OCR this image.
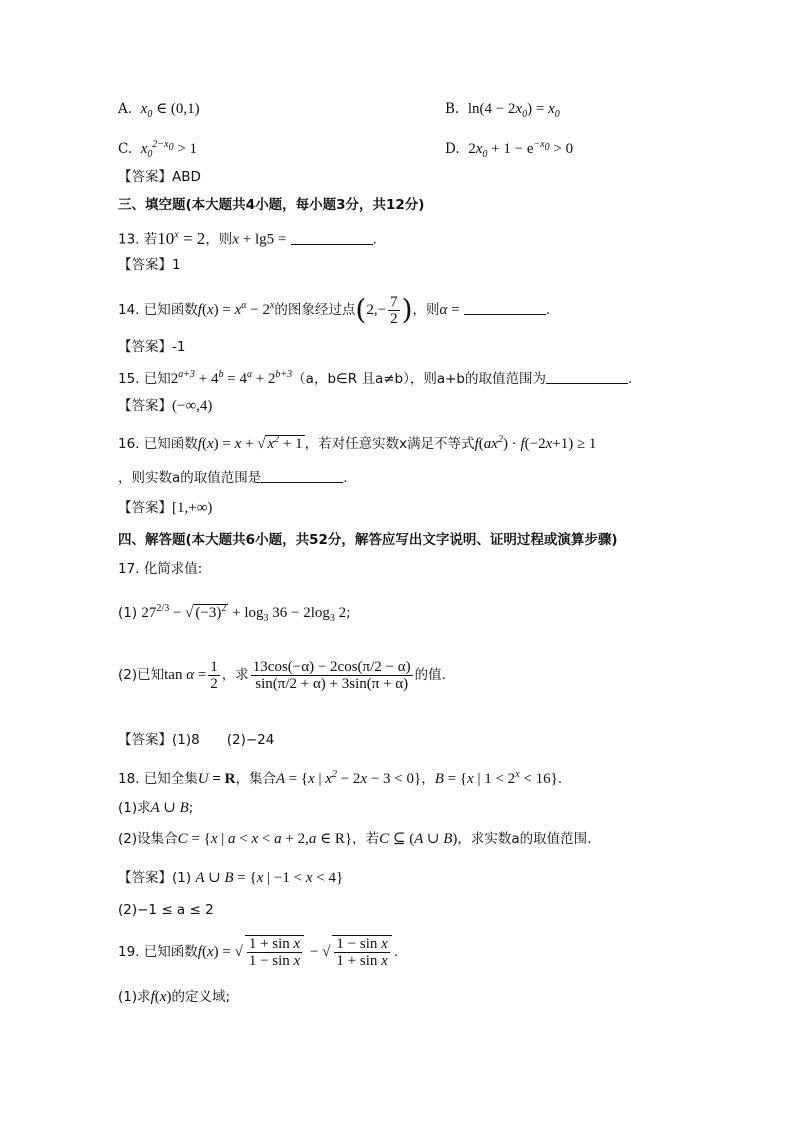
A. $x_0$ ∈ (0,1)	B. $\ln(4 - 2x_0) = x_0$
C. $x_0^{2-x_0} > 1$	D. $2x_0 + 1 - e^{-x_0} > 0$
【答案】ABD
三、填空题(本大题共4小题，每小题3分，共12分)
13. 若$10^x = 2$，则x + lg5 =	.
【答案】1
14. 已知函数$f(x) = x^\alpha - 2^x$的图象经过点($2,- \frac{7}{2}$ )，则α =	.
【答案】-1
15. 已知$2^{a+3} + 4^b = 4^a + 2^{b+3}(a$，b∈R 且a≠b），则a+b的取值范围为	.
【答案】(−∞,4)
16. 已知函数f(x) = x + √ $x^2 + 1$ ，若对任意实数x满足不等式$f(ax^2) \cdot f(-2x+1) \ge 1$
，则实数a的取值范围是	.
【答案】[1,+∞)
四、解答题(本大题共6小题，共52分，解答应写出文字说明、证明过程或演算步骤)
17. 化简求值:
(1) $27^{2/3}$ − √ $(-3)^2 + \log_3 36 - 2\log_3$ 2;
(2)已知$\tan \alpha = \frac{1}{2}$ ，求 $\frac{13\cos(-\alpha) - 2\cos(\pi/2 - \alpha)}{\sin(\pi/2 + \alpha) + 3\sin(\pi + \alpha)}$ 的值.
【答案】(1)8　　(2)−24
18. 已知全集U = R，集合A = {x | $x^2 - 2x - 3 < 0$}，B = {x | $1 < 2^x < 16$}.
(1)求A ∪ B;
(2)设集合C = {x | a < x < a + 2,a ∈ R}，若C ⊆ (A ∪ B)，求实数a的取值范围.
【答案】(1) A ∪ B = {x | −1 < x < 4}
(2)−1 ≤ a ≤ 2
19. 已知函数f(x) = √ $\frac{\text{1 + sin x}}{\text{1 − sin x}}$ − √ $\frac{\text{1 − sin x}}{\text{1 + sin x}}$ .
(1)求f(x)的定义域;
